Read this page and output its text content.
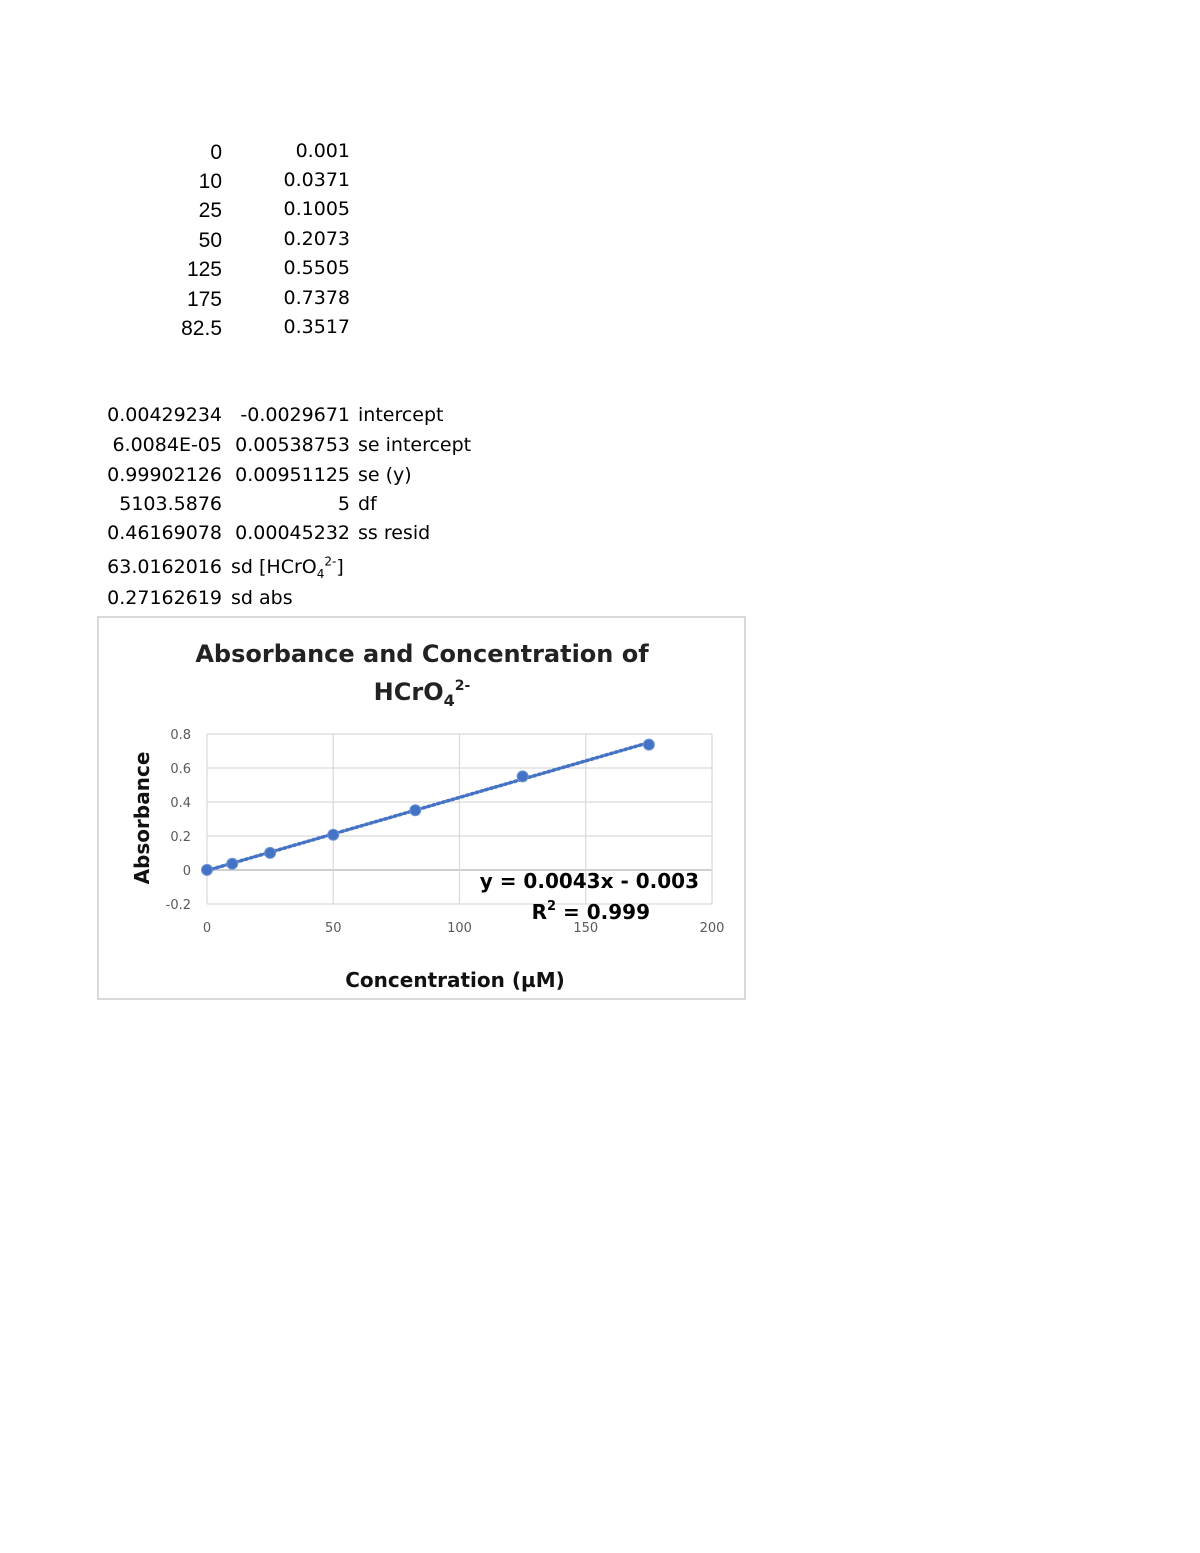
0	0.001
10	0.0371
25	0.1005
50	0.2073
125	0.5505
175	0.7378
82.5	0.3517
0.00429234 -0.0029671 intercept
6.0084E-05 0.00538753 se intercept
0.99902126 0.00951125 se (y)
5103.5876	5 df
0.46169078 0.00045232 ss resid
63.0162016 sd [HCrO$_4^{2-}$]
0.27162619 sd abs
Absorbance and Concentration of
HCrO$_4^{2-}$
-0.2
0
0.2
0.4
0.6
0.8
0	50	100	150	200
y = 0.0043x - 0.003
$R^2 = 0.999$
Concentration (µM)
Absorbance
